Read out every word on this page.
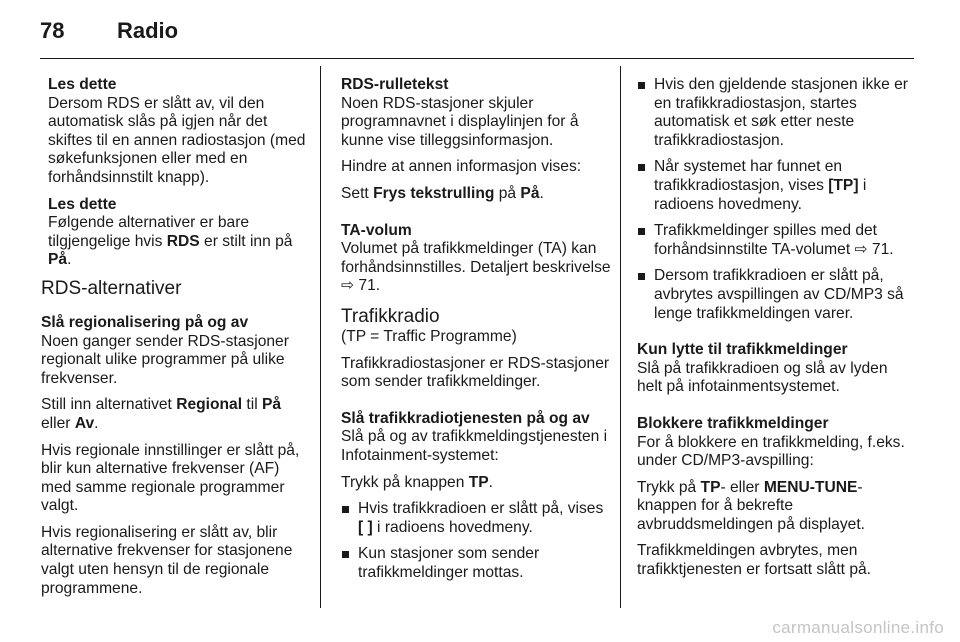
78 Radio

Les dette

Dersom RDS er slått av, vil den automatisk slås på igjen når det skiftes til en annen radiostasjon (med søkefunksjonen eller med en forhåndsinnstilt knapp).

Les dette

Følgende alternativer er bare tilgjengelige hvis RDS er stilt inn på På.

RDS-alternativer

Slå regionalisering på og av

Noen ganger sender RDS-stasjoner regionalt ulike programmer på ulike frekvenser.

Still inn alternativet Regional til På eller Av.

Hvis regionale innstillinger er slått på, blir kun alternative frekvenser (AF) med samme regionale programmer valgt.

Hvis regionalisering er slått av, blir alternative frekvenser for stasjonene valgt uten hensyn til de regionale programmene.

RDS-rulletekst

Noen RDS-stasjoner skjuler programnavnet i displaylinjen for å kunne vise tilleggsinformasjon.

Hindre at annen informasjon vises:

Sett Frys tekstrulling på På.

TA-volum

Volumet på trafikkmeldinger (TA) kan forhåndsinnstilles. Detaljert beskrivelse ⇨ 71.

Trafikkradio

(TP = Traffic Programme)

Trafikkradiostasjoner er RDS-stasjoner som sender trafikkmeldinger.

Slå trafikkradiotjenesten på og av

Slå på og av trafikkmeldingstjenesten i Infotainment-systemet:

Trykk på knappen TP.

Hvis trafikkradioen er slått på, vises [ ] i radioens hovedmeny.
Kun stasjoner som sender trafikkmeldinger mottas.
Hvis den gjeldende stasjonen ikke er en trafikkradiostasjon, startes automatisk et søk etter neste trafikkradiostasjon.
Når systemet har funnet en trafikkradiostasjon, vises [TP] i radioens hovedmeny.
Trafikkmeldinger spilles med det forhåndsinnstilte TA-volumet ⇨ 71.
Dersom trafikkradioen er slått på, avbrytes avspillingen av CD/MP3 så lenge trafikkmeldingen varer.

Kun lytte til trafikkmeldinger

Slå på trafikkradioen og slå av lyden helt på infotainmentsystemet.

Blokkere trafikkmeldinger

For å blokkere en trafikkmelding, f.eks. under CD/MP3-avspilling:

Trykk på TP- eller MENU-TUNE-knappen for å bekrefte avbruddsmeldingen på displayet.

Trafikkmeldingen avbrytes, men trafikktjenesten er fortsatt slått på.

carmanualsonline.info
